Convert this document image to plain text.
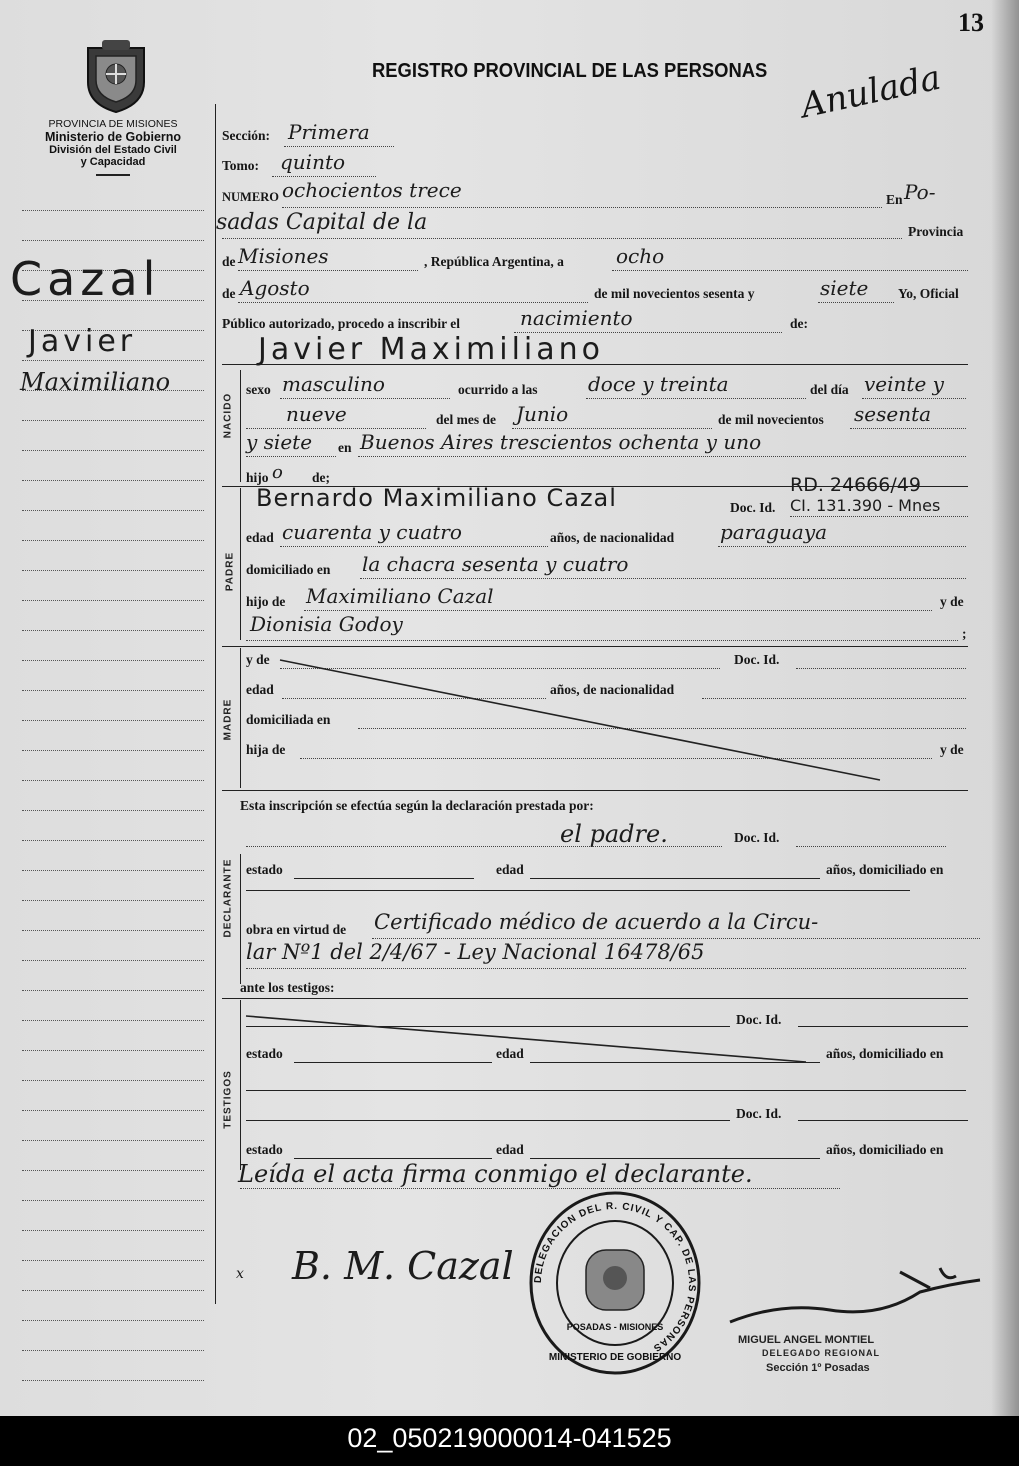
13
PROVINCIA DE MISIONES
Ministerio de Gobierno
División del Estado Civil
y Capacidad
REGISTRO PROVINCIAL DE LAS PERSONAS Anulada
Cazal
Javier
Maximiliano
Sección: Primera
Tomo: quinto
NUMERO ochocientos trece	En Po-
sadas Capital de la	Provincia
de Misiones	, República Argentina, a	ocho
de Agosto	de mil novecientos sesenta y	siete Yo, Oficial
Público autorizado, procedo a inscribir el	nacimiento	de:
Javier Maximiliano
NACIDO
sexo masculino	ocurrido a las	doce y treinta	del día veinte y
nueve	del mes de Junio	de mil novecientos sesenta
y siete en Buenos Aires trescientos ochenta y uno
hijo o de;
PADRE
Bernardo Maximiliano Cazal	RD. 24666/49
Doc. Id. CI. 131.390 - Mnes
edad cuarenta y cuatro	años, de nacionalidad paraguaya
domiciliado en la chacra sesenta y cuatro
hijo de Maximiliano Cazal	y de
Dionisia Godoy	;
MADRE
y de	Doc. Id.
edad	años, de nacionalidad
domiciliada en
hija de	y de
Esta inscripción se efectúa según la declaración prestada por:
el padre.	Doc. Id.
DECLARANTE estado	edad	años, domiciliado en
obra en virtud de Certificado médico de acuerdo a la Circu-
lar Nº1 del 2/4/67 - Ley Nacional 16478/65
ante los testigos:
TESTIGOS
Doc. Id.
estado	edad	años, domiciliado en
Doc. Id.
estado	edad	años, domiciliado en
Leída el acta firma conmigo el declarante.
x B. M. Cazal DELEGACION DEL R. CIVIL Y CAP. DE LAS PERSONAS
POSADAS - MISIONES
MINISTERIO DE GOBIERNO
MIGUEL ANGEL MONTIEL
DELEGADO REGIONAL
Sección 1º Posadas
02_050219000014-041525
